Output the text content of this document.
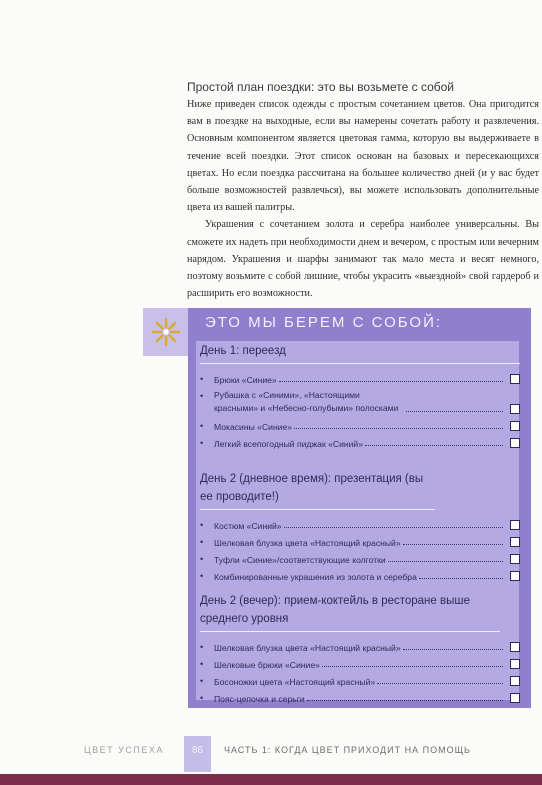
Простой план поездки: это вы возьмете с собой

Ниже приведен список одежды с простым сочетанием цветов. Она пригодится вам в поездке на выходные, если вы намерены сочетать работу и развлечения. Основным компонентом является цветовая гамма, которую вы выдерживаете в течение всей поездки. Этот список основан на базовых и пересекающихся цветах. Но если поездка рассчитана на большее количество дней (и у вас будет больше возможностей развлечься), вы можете использовать дополнительные цвета из вашей палитры.

Украшения с сочетанием золота и серебра наиболее универсальны. Вы сможете их надеть при необходимости днем и вечером, с простым или вечерним нарядом. Украшения и шарфы занимают так мало места и весят немного, поэтому возьмите с собой лишние, чтобы украсить «выездной» свой гардероб и расширить его возможности.

ЭТО МЫ БЕРЕМ С СОБОЙ:
День 1: переезд
•	Брюки «Синие»
•	Рубашка с «Синими», «Настоящими красными» и «Небесно-голубыми» полосками
•	Мокасины «Синие»
•	Легкий всепогодный пиджак «Синий»
День 2 (дневное время): презентация (вы ее проводите!)
•	Костюм «Синий»
•	Шелковая блузка цвета «Настоящий красный»
•	Туфли «Синие»/соответствующие колготки
•	Комбинированные украшения из золота и серебра
День 2 (вечер): прием-коктейль в ресторане выше среднего уровня
•	Шелковая блузка цвета «Настоящий красный»
•	Шелковые брюки «Синие»
•	Босоножки цвета «Настоящий красный»
•	Пояс-цепочка и серьги
ЦВЕТ УСПЕХА	86	ЧАСТЬ 1: КОГДА ЦВЕТ ПРИХОДИТ НА ПОМОЩЬ
